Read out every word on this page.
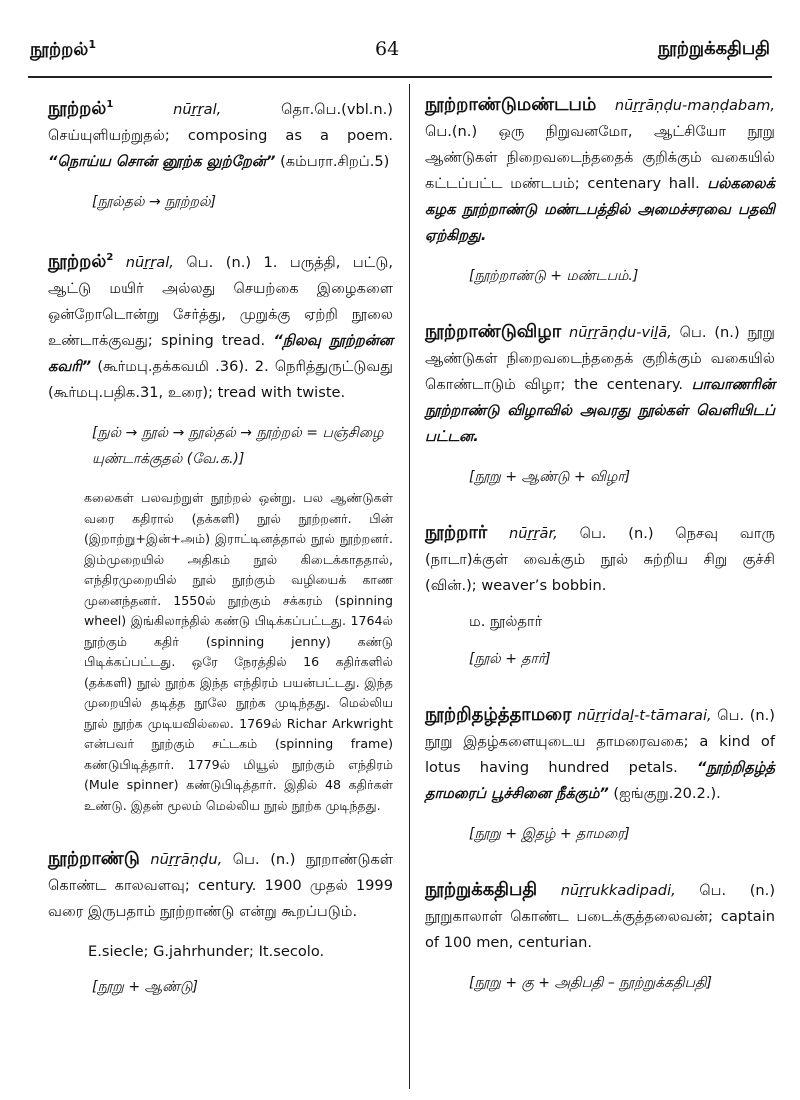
நூற்றல்$^1$	64	நூற்றுக்கதிபதி

நூற்றல்$^1$	nūṟṟal,	தொ.பெ.(vbl.n.) செய்யுளியற்றுதல்; composing as a poem. “நொய்ய சொன் னூற்க லுற்றேன்” (கம்பரா.சிறப்.5)

[நூல்தல் → நூற்றல்]

நூற்றல்$^2$ nūṟṟal, பெ. (n.) 1. பருத்தி, பட்டு, ஆட்டு மயிர் அல்லது செயற்கை இழைகளை ஒன்றோடொன்று சேர்த்து, முறுக்கு ஏற்றி நூலை உண்டாக்குவது; spining tread. “நிலவு நூற்றன்ன கவரி” (கூர்மபு.தக்கவமி .36). 2. நெரித்துருட்டுவது (கூர்மபு.பதிக.31, உரை); tread with twiste.

[நுல் → நூல் → நூல்தல் → நூற்றல் = பஞ்சிழை யுண்டாக்குதல் (வே.க.)]
கலைகள் பலவற்றுள் நூற்றல் ஒன்று. பல ஆண்டுகள் வரை கதிரால் (தக்களி) நூல் நூற்றனர். பின் (இறாற்று+இன்+அம்) இராட்டினத்தால் நூல் நூற்றனர். இம்முறையில் அதிகம் நூல் கிடைக்காததால், எந்திரமுறையில் நூல் நூற்கும் வழியைக் காண முனைந்தனர். 1550ல் நூற்கும் சக்கரம் (spinning wheel) இங்கிலாந்தில் கண்டு பிடிக்கப்பட்டது. 1764ல் நூற்கும் கதிர் (spinning jenny) கண்டு பிடிக்கப்பட்டது. ஒரே நேரத்தில் 16 கதிர்களில் (தக்களி) நூல் நூற்க இந்த எந்திரம் பயன்பட்டது. இந்த முறையில் தடித்த நூலே நூற்க முடிந்தது. மெல்லிய நூல் நூற்க முடியவில்லை. 1769ல் Richar Arkwright என்பவர் நூற்கும் சட்டகம் (spinning frame) கண்டுபிடித்தார். 1779ல் மியூல் நூற்கும் எந்திரம் (Mule spinner) கண்டுபிடித்தார். இதில் 48 கதிர்கள் உண்டு. இதன் மூலம் மெல்லிய நூல் நூற்க முடிந்தது.

நூற்றாண்டு nūṟṟāṇḍu, பெ. (n.) நூறாண்டுகள் கொண்ட காலவளவு; century. 1900 முதல் 1999 வரை இருபதாம் நூற்றாண்டு என்று கூறப்படும்.

E.siecle; G.jahrhunder; It.secolo.
[நூறு + ஆண்டு]

நூற்றாண்டுமண்டபம் nūṟṟāṇḍu-maṇḍabam, பெ.(n.) ஒரு நிறுவனமோ, ஆட்சியோ நூறு ஆண்டுகள் நிறைவடைந்ததைக் குறிக்கும் வகையில் கட்டப்பட்ட மண்டபம்; centenary hall. பல்கலைக் கழக நூற்றாண்டு மண்டபத்தில் அமைச்சரவை பதவி ஏற்கிறது.

[நூற்றாண்டு + மண்டபம்.]

நூற்றாண்டுவிழா nūṟṟāṇḍu-viḻā, பெ. (n.) நூறு ஆண்டுகள் நிறைவடைந்ததைக் குறிக்கும் வகையில் கொண்டாடும் விழா; the centenary. பாவாணரின் நூற்றாண்டு விழாவில் அவரது நூல்கள் வெளியிடப் பட்டன.

[நூறு + ஆண்டு + விழா]

நூற்றார் nūṟṟār, பெ. (n.) நெசவு வாரு (நாடா)க்குள் வைக்கும் நூல் சுற்றிய சிறு குச்சி (வின்.); weaver’s bobbin.

ம. நூல்தார்
[நூல் + தார்]

நூற்றிதழ்த்தாமரை nūṟṟidaḻ-t-tāmarai, பெ. (n.) நூறு இதழ்களையுடைய தாமரைவகை; a kind of lotus having hundred petals. “நூற்றிதழ்த் தாமரைப் பூச்சினை நீக்கும்” (ஐங்குறு.20.2.).

[நூறு + இதழ் + தாமரை]

நூற்றுக்கதிபதி nūṟṟukkadipadi, பெ. (n.) நூறுகாலாள் கொண்ட படைக்குத்தலைவன்; captain of 100 men, centurian.

[நூறு + கு + அதிபதி – நூற்றுக்கதிபதி]
